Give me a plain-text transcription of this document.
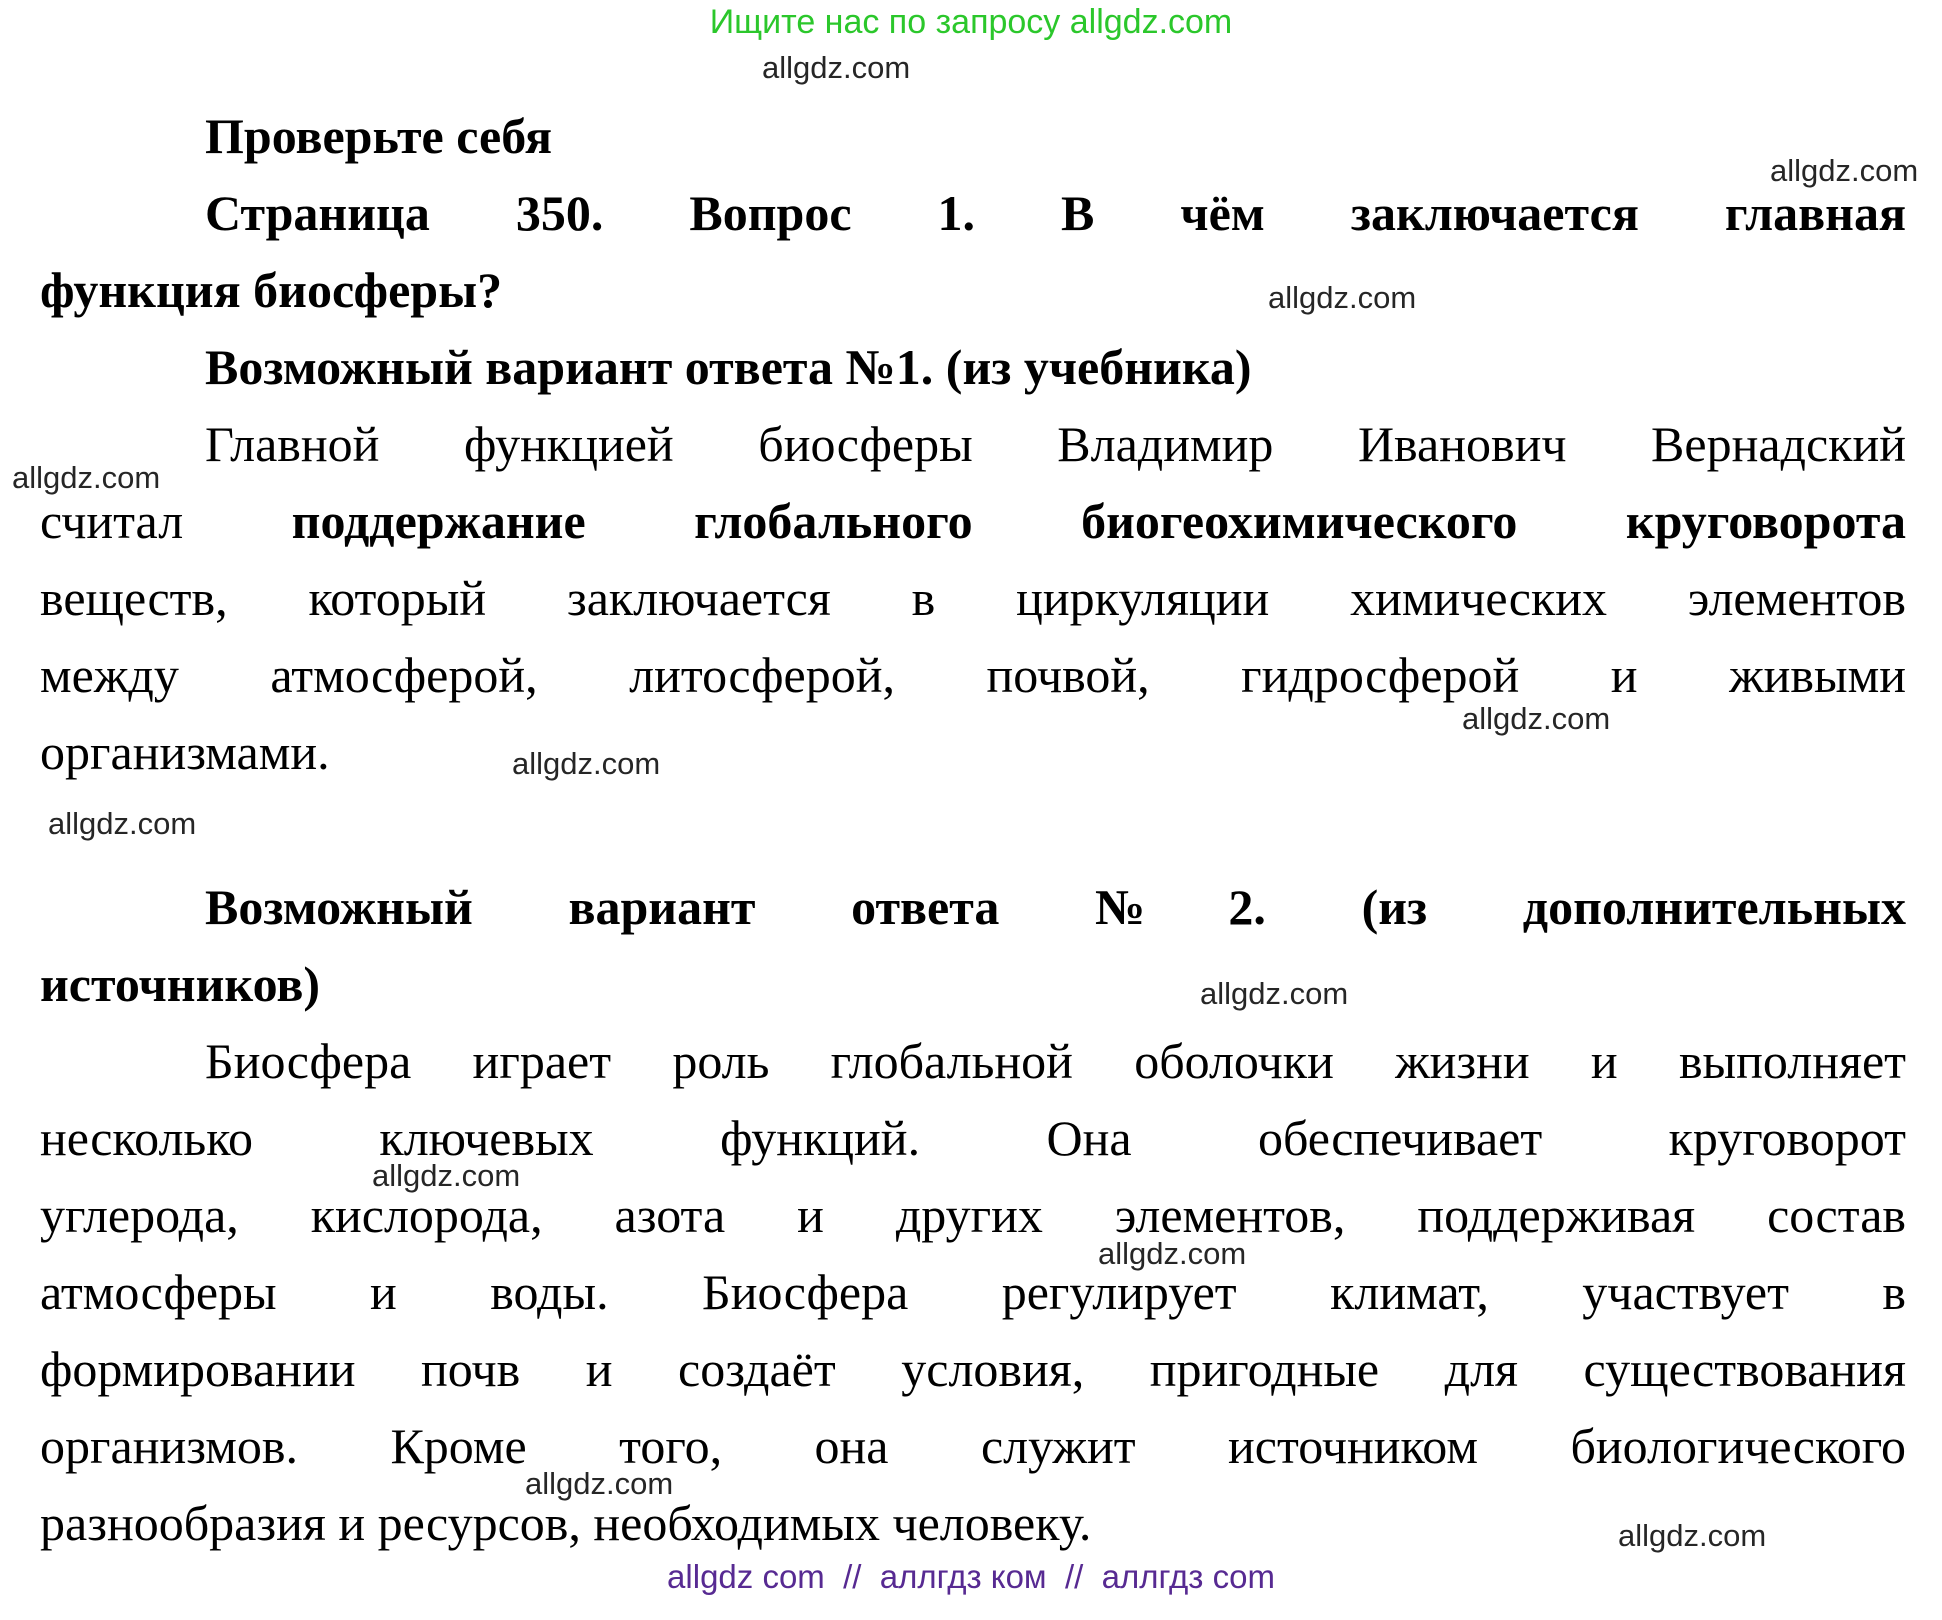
Ищите нас по запросу allgdz.com
allgdz.com
allgdz.com
allgdz.com
allgdz.com
allgdz.com
allgdz.com
allgdz.com
allgdz.com
allgdz.com
allgdz.com
allgdz.com
allgdz.com
Проверьте себя
Страница 350. Вопрос 1. В чём заключается главная
функция биосферы?
Возможный вариант ответа №1. (из учебника)
Главной функцией биосферы Владимир Иванович Вернадский
считал поддержание глобального биогеохимического круговорота
веществ, который заключается в циркуляции химических элементов
между атмосферой, литосферой, почвой, гидросферой и живыми
организмами.
Возможный вариант ответа №2. (из дополнительных
источников)
Биосфера играет роль глобальной оболочки жизни и выполняет
несколько ключевых функций. Она обеспечивает круговорот
углерода, кислорода, азота и других элементов, поддерживая состав
атмосферы и воды. Биосфера регулирует климат, участвует в
формировании почв и создаёт условия, пригодные для существования
организмов. Кроме того, она служит источником биологического
разнообразия и ресурсов, необходимых человеку.
allgdz com  //  аллгдз ком  //  аллгдз com
